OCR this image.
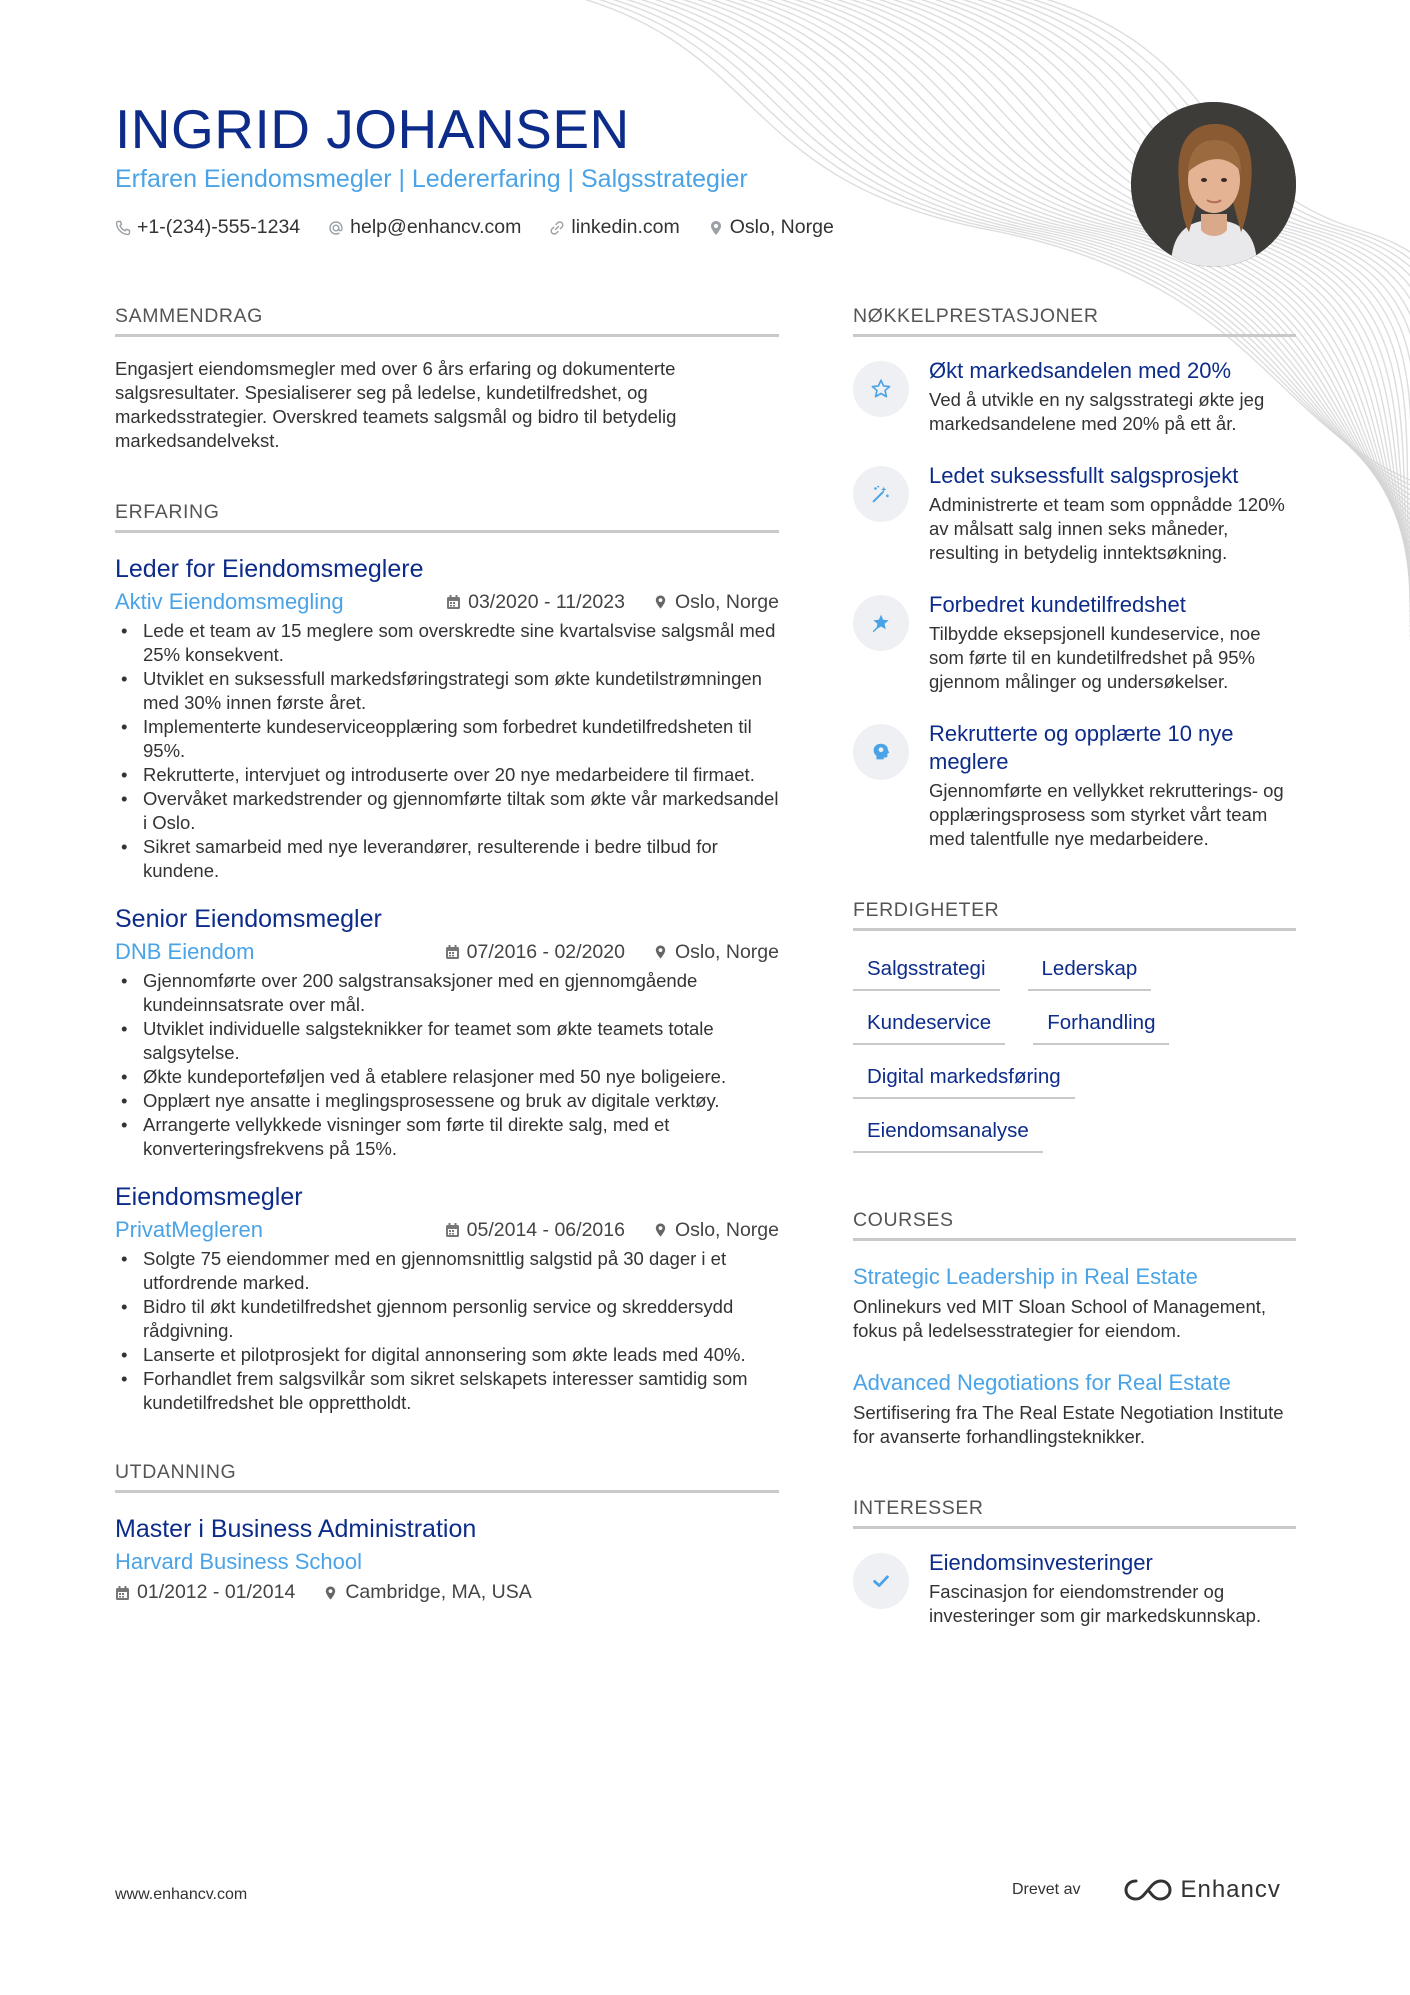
INGRID JOHANSEN
Erfaren Eiendomsmegler | Ledererfaring | Salgsstrategier
+1-(234)-555-1234	help@enhancv.com	linkedin.com	Oslo, Norge
SAMMENDRAG

Engasjert eiendomsmegler med over 6 års erfaring og dokumenterte salgsresultater. Spesialiserer seg på ledelse, kundetilfredshet, og markedsstrategier. Overskred teamets salgsmål og bidro til betydelig markedsandelvekst.

ERFARING
Leder for Eiendomsmeglere
Aktiv Eiendomsmegling	03/2020 - 11/2023	Oslo, Norge
• Lede et team av 15 meglere som overskredte sine kvartalsvise salgsmål med 25% konsekvent.
• Utviklet en suksessfull markedsføringstrategi som økte kundetilstrømningen med 30% innen første året.
• Implementerte kundeserviceopplæring som forbedret kundetilfredsheten til 95%.
• Rekrutterte, intervjuet og introduserte over 20 nye medarbeidere til firmaet.
• Overvåket markedstrender og gjennomførte tiltak som økte vår markedsandel i Oslo.
• Sikret samarbeid med nye leverandører, resulterende i bedre tilbud for kundene.
Senior Eiendomsmegler
DNB Eiendom	07/2016 - 02/2020	Oslo, Norge
• Gjennomførte over 200 salgstransaksjoner med en gjennomgående kundeinnsatsrate over mål.
• Utviklet individuelle salgsteknikker for teamet som økte teamets totale salgsytelse.
• Økte kundeporteføljen ved å etablere relasjoner med 50 nye boligeiere.
• Opplært nye ansatte i meglingsprosessene og bruk av digitale verktøy.
• Arrangerte vellykkede visninger som førte til direkte salg, med et konverteringsfrekvens på 15%.
Eiendomsmegler
PrivatMegleren	05/2014 - 06/2016	Oslo, Norge
• Solgte 75 eiendommer med en gjennomsnittlig salgstid på 30 dager i et utfordrende marked.
• Bidro til økt kundetilfredshet gjennom personlig service og skreddersydd rådgivning.
• Lanserte et pilotprosjekt for digital annonsering som økte leads med 40%.
• Forhandlet frem salgsvilkår som sikret selskapets interesser samtidig som kundetilfredshet ble opprettholdt.
UTDANNING
Master i Business Administration
Harvard Business School
01/2012 - 01/2014	Cambridge, MA, USA
NØKKELPRESTASJONER
Økt markedsandelen med 20%
Ved å utvikle en ny salgsstrategi økte jeg markedsandelene med 20% på ett år.
Ledet suksessfullt salgsprosjekt
Administrerte et team som oppnådde 120% av målsatt salg innen seks måneder, resulting in betydelig inntektsøkning.
Forbedret kundetilfredshet
Tilbydde eksepsjonell kundeservice, noe som førte til en kundetilfredshet på 95% gjennom målinger og undersøkelser.
Rekrutterte og opplærte 10 nye meglere
Gjennomførte en vellykket rekrutterings- og opplæringsprosess som styrket vårt team med talentfulle nye medarbeidere.
FERDIGHETER
Salgsstrategi	Lederskap
Kundeservice	Forhandling
Digital markedsføring
Eiendomsanalyse
COURSES
Strategic Leadership in Real Estate
Onlinekurs ved MIT Sloan School of Management, fokus på ledelsesstrategier for eiendom.
Advanced Negotiations for Real Estate
Sertifisering fra The Real Estate Negotiation Institute for avanserte forhandlingsteknikker.
INTERESSER
Eiendomsinvesteringer
Fascinasjon for eiendomstrender og investeringer som gir markedskunnskap.
www.enhancv.com	Drevet av	Enhancv
